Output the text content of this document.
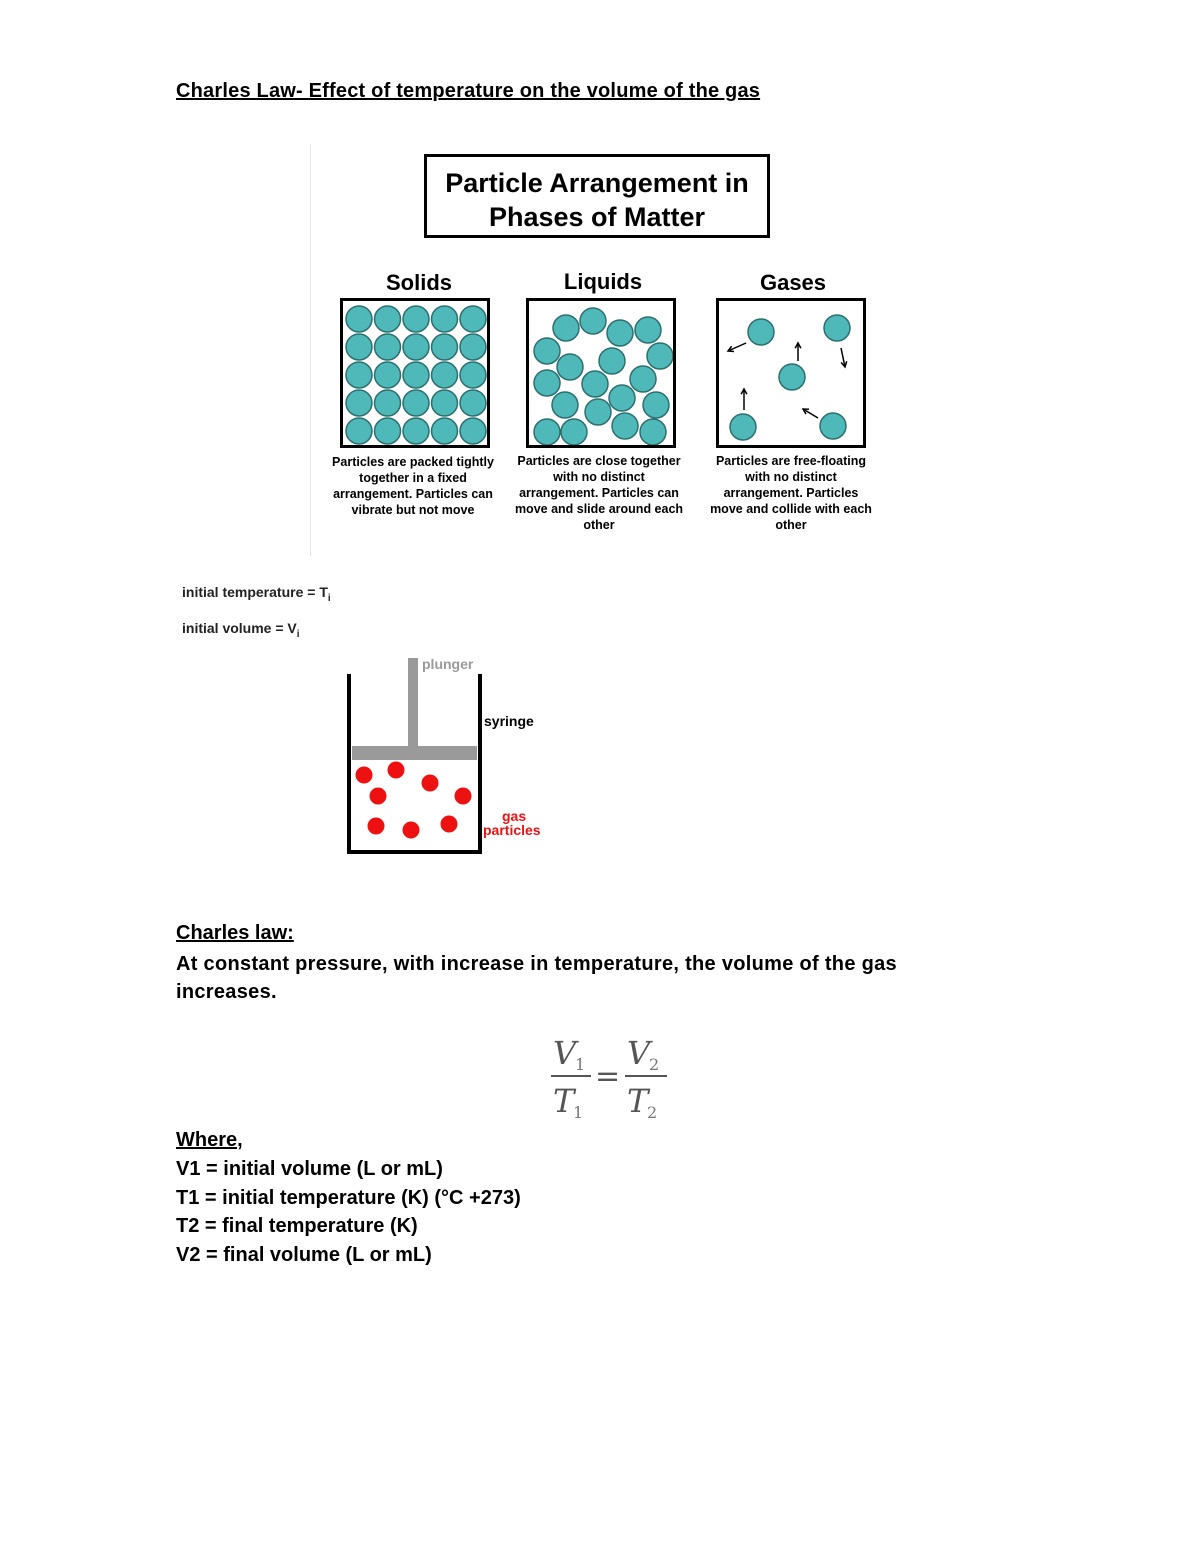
Charles Law- Effect of temperature on the volume of the gas
Particle Arrangement in
Phases of Matter
Solids	Liquids	Gases
Particles are packed tightly together in a fixed arrangement. Particles can vibrate but not move
Particles are close together with no distinct arrangement. Particles can move and slide around each other
Particles are free-floating with no distinct arrangement. Particles move and collide with each other
initial temperature = $T_i$
initial volume = $V_i$
plunger
syringe
gas
particles
Charles law:
At constant pressure, with increase in temperature, the volume of the gas increases.
V
1
T
1
=
V
2
T
2
Where,
V1 = initial volume (L or mL)
T1 = initial temperature (K) (°C +273)
T2 = final temperature (K)
V2 = final volume (L or mL)
